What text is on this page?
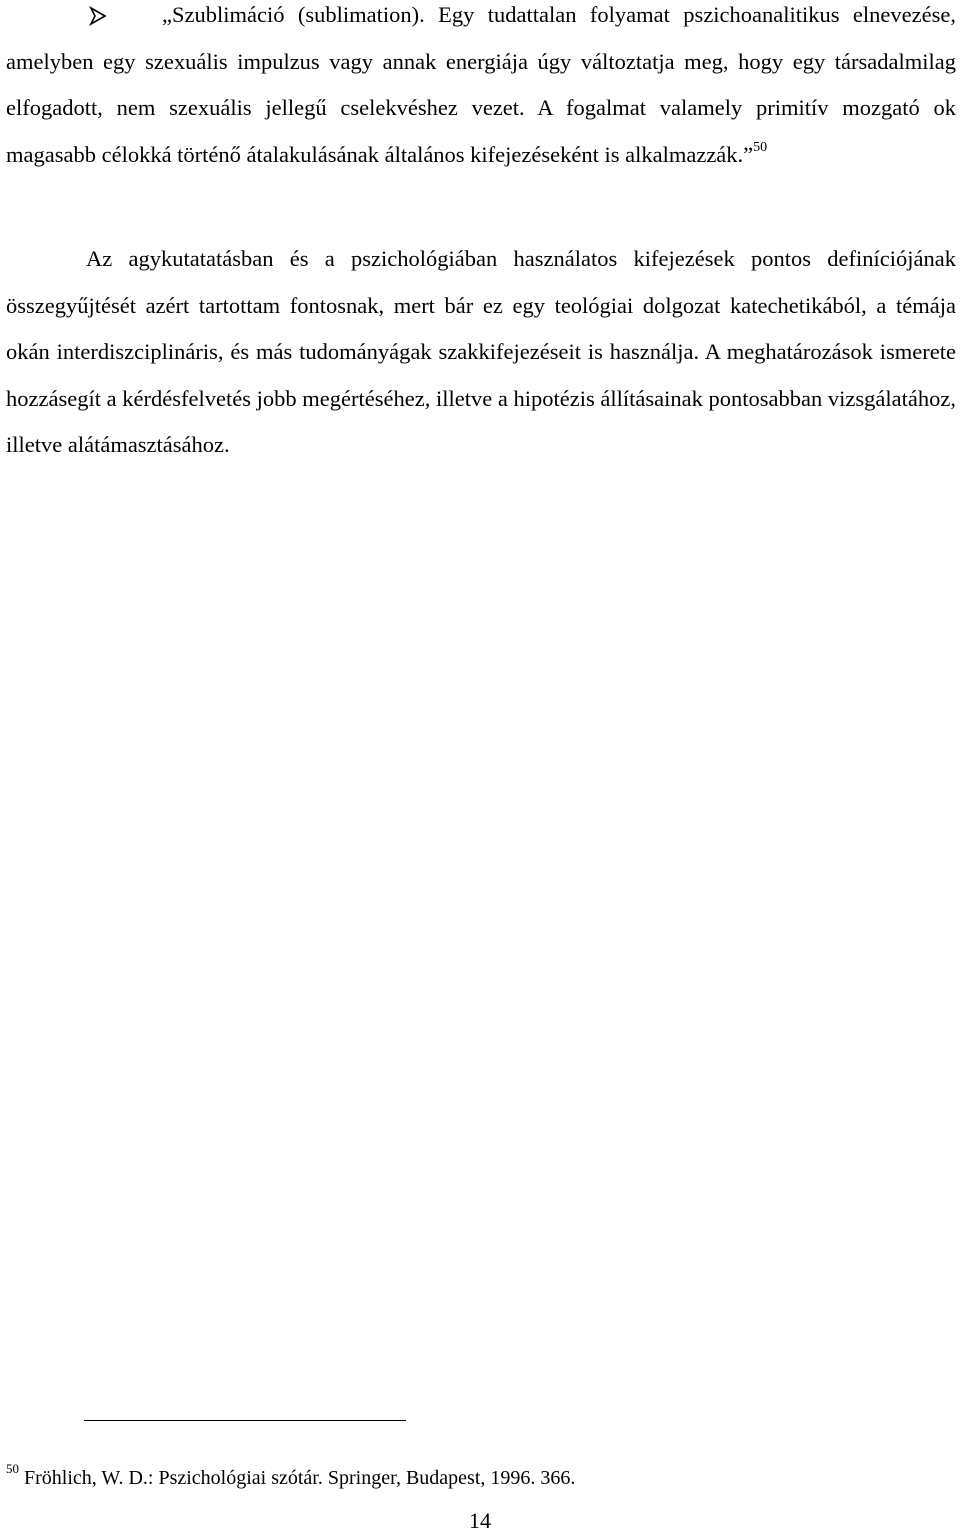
„Szublimáció (sublimation). Egy tudattalan folyamat pszichoanalitikus elnevezése, amelyben egy szexuális impulzus vagy annak energiája úgy változtatja meg, hogy egy társadalmilag elfogadott, nem szexuális jellegű cselekvéshez vezet. A fogalmat valamely primitív mozgató ok magasabb célokká történő átalakulásának általános kifejezéseként is alkalmazzák.”$^{50}$
Az agykutatatásban és a pszichológiában használatos kifejezések pontos definíciójának összegyűjtését azért tartottam fontosnak, mert bár ez egy teológiai dolgozat katechetikából, a témája okán interdiszciplináris, és más tudományágak szakkifejezéseit is használja. A meghatározások ismerete hozzásegít a kérdésfelvetés jobb megértéséhez, illetve a hipotézis állításainak pontosabban vizsgálatához, illetve alátámasztásához.
$^{50}$ Fröhlich, W. D.: Pszichológiai szótár. Springer, Budapest, 1996. 366.
14
